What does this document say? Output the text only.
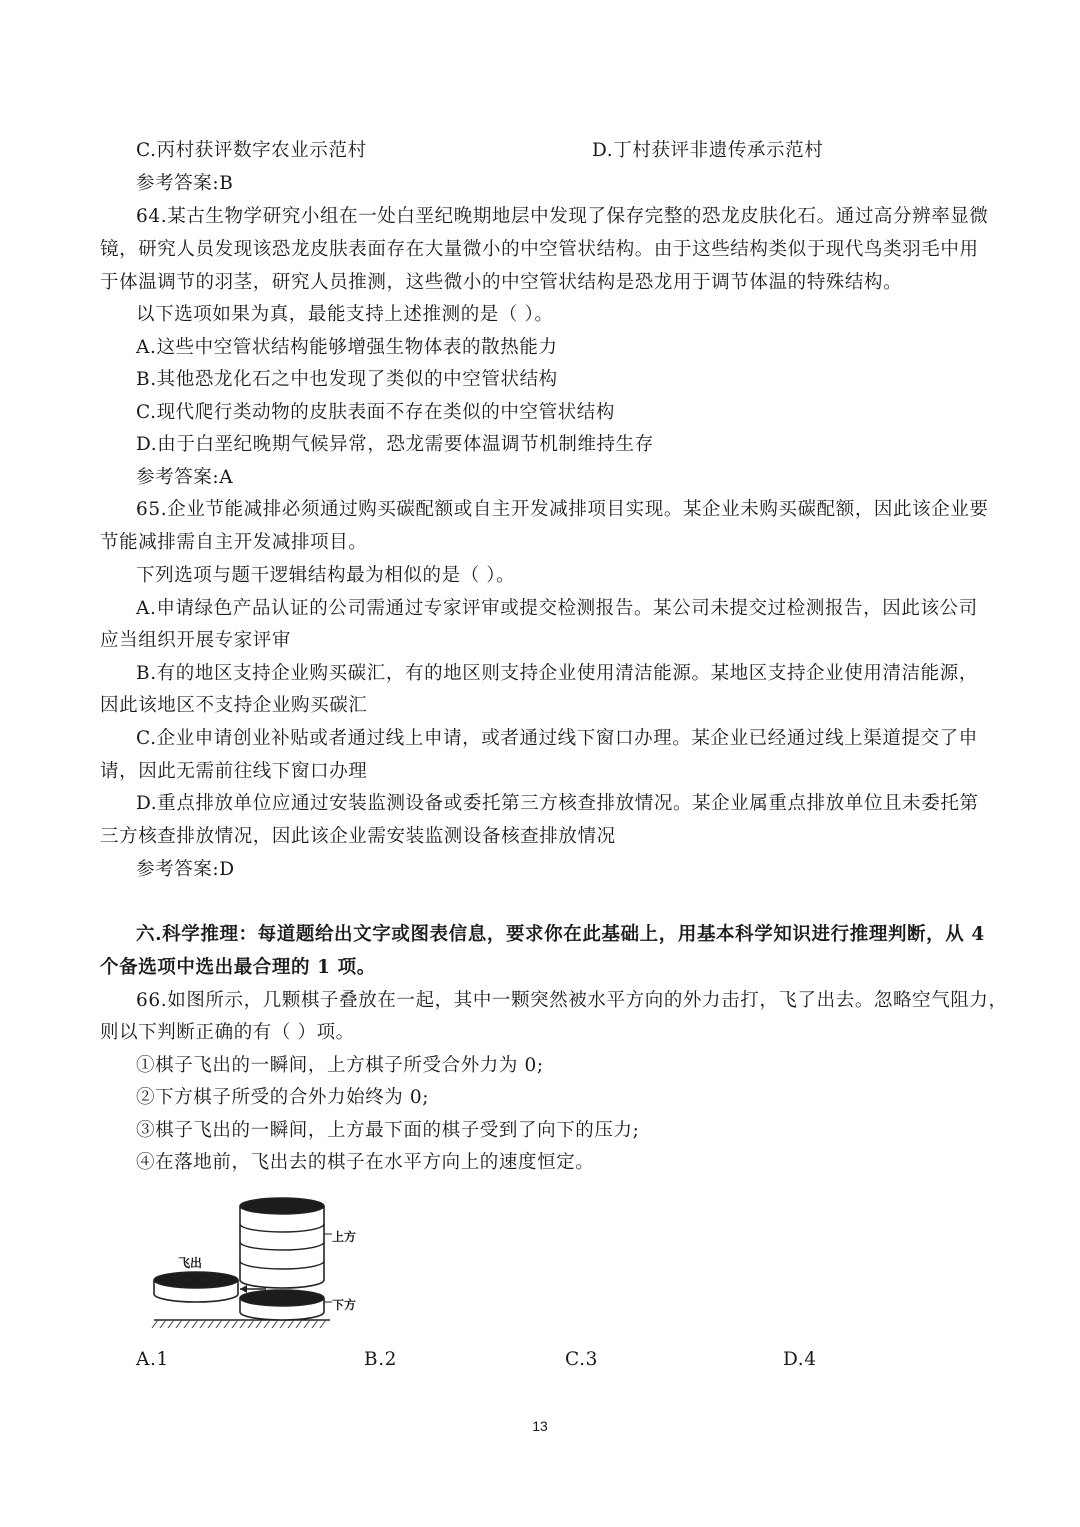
C.丙村获评数字农业示范村	D.丁村获评非遗传承示范村
参考答案:B
64.某古生物学研究小组在一处白垩纪晚期地层中发现了保存完整的恐龙皮肤化石。通过高分辨率显微
镜，研究人员发现该恐龙皮肤表面存在大量微小的中空管状结构。由于这些结构类似于现代鸟类羽毛中用
于体温调节的羽茎，研究人员推测，这些微小的中空管状结构是恐龙用于调节体温的特殊结构。
以下选项如果为真，最能支持上述推测的是（ ）。
A.这些中空管状结构能够增强生物体表的散热能力
B.其他恐龙化石之中也发现了类似的中空管状结构
C.现代爬行类动物的皮肤表面不存在类似的中空管状结构
D.由于白垩纪晚期气候异常，恐龙需要体温调节机制维持生存
参考答案:A
65.企业节能减排必须通过购买碳配额或自主开发减排项目实现。某企业未购买碳配额，因此该企业要
节能减排需自主开发减排项目。
下列选项与题干逻辑结构最为相似的是（ ）。
A.申请绿色产品认证的公司需通过专家评审或提交检测报告。某公司未提交过检测报告，因此该公司
应当组织开展专家评审
B.有的地区支持企业购买碳汇，有的地区则支持企业使用清洁能源。某地区支持企业使用清洁能源，
因此该地区不支持企业购买碳汇
C.企业申请创业补贴或者通过线上申请，或者通过线下窗口办理。某企业已经通过线上渠道提交了申
请，因此无需前往线下窗口办理
D.重点排放单位应通过安装监测设备或委托第三方核查排放情况。某企业属重点排放单位且未委托第
三方核查排放情况，因此该企业需安装监测设备核查排放情况
参考答案:D
六.科学推理：每道题给出文字或图表信息，要求你在此基础上，用基本科学知识进行推理判断，从 4
个备选项中选出最合理的 1 项。
66.如图所示，几颗棋子叠放在一起，其中一颗突然被水平方向的外力击打，飞了出去。忽略空气阻力，
则以下判断正确的有（ ）项。
①棋子飞出的一瞬间，上方棋子所受合外力为 0;
②下方棋子所受的合外力始终为 0;
③棋子飞出的一瞬间，上方最下面的棋子受到了向下的压力;
④在落地前，飞出去的棋子在水平方向上的速度恒定。
飞出
上方
下方
A.1	B.2	C.3	D.4
13
